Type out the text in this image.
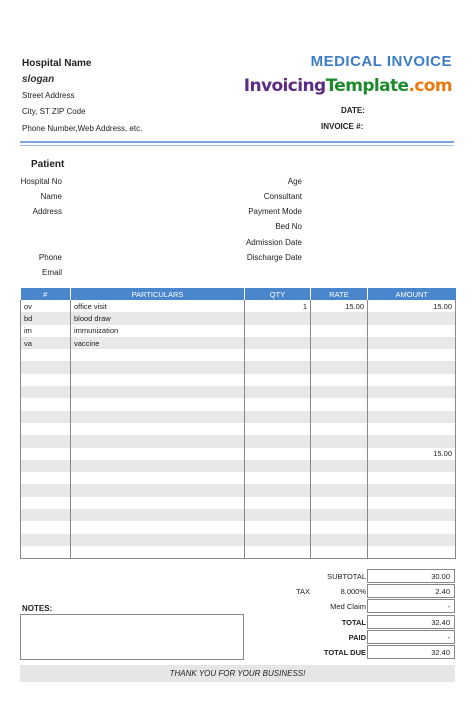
Hospital Name
slogan
Street Address
City, ST ZIP Code
Phone Number,Web Address, etc.
MEDICAL INVOICE
InvoicingTemplate.com
DATE:
INVOICE #:
Patient
Hospital No
Name
Address
Phone
Email
Age
Consultant
Payment Mode
Bed No
Admission Date
Discharge Date
#	PARTICULARS	QTY	RATE	AMOUNT
ov	office visit	1	15.00	15.00
bd	blood draw			
im	immunization			
va	vaccine			

				15.00

SUBTOTAL	30.00
TAX	8.000%	2.40
Med Claim	-
TOTAL	32.40
PAID	-
TOTAL DUE	32.40
NOTES:
THANK YOU FOR YOUR BUSINESS!
